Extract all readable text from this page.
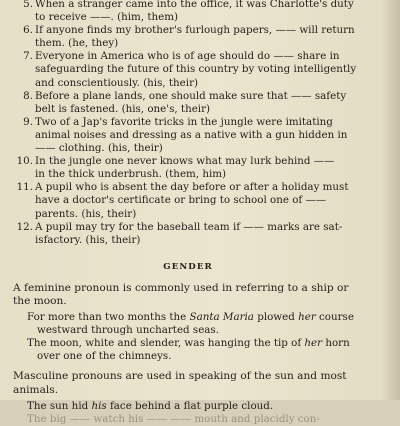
5. When a stranger came into the office, it was Charlotte's duty
to receive ——. (him, them)

6. If anyone finds my brother's furlough papers, —— will return
them. (he, they)

7. Everyone in America who is of age should do —— share in
safeguarding the future of this country by voting intelligently
and conscientiously. (his, their)

8. Before a plane lands, one should make sure that —— safety
belt is fastened. (his, one's, their)

9. Two of a Jap's favorite tricks in the jungle were imitating
animal noises and dressing as a native with a gun hidden in
—— clothing. (his, their)

10. In the jungle one never knows what may lurk behind ——
in the thick underbrush. (them, him)

11. A pupil who is absent the day before or after a holiday must
have a doctor's certificate or bring to school one of ——
parents. (his, their)

12. A pupil may try for the baseball team if —— marks are sat-
isfactory. (his, their)

GENDER

A feminine pronoun is commonly used in referring to a ship or
the moon.

For more than two months the Santa Maria plowed her course
westward through uncharted seas.
The moon, white and slender, was hanging the tip of her horn
over one of the chimneys.

Masculine pronouns are used in speaking of the sun and most
animals.

The sun hid his face behind a flat purple cloud.
The big —— watch his —— —— mouth and placidly con-
